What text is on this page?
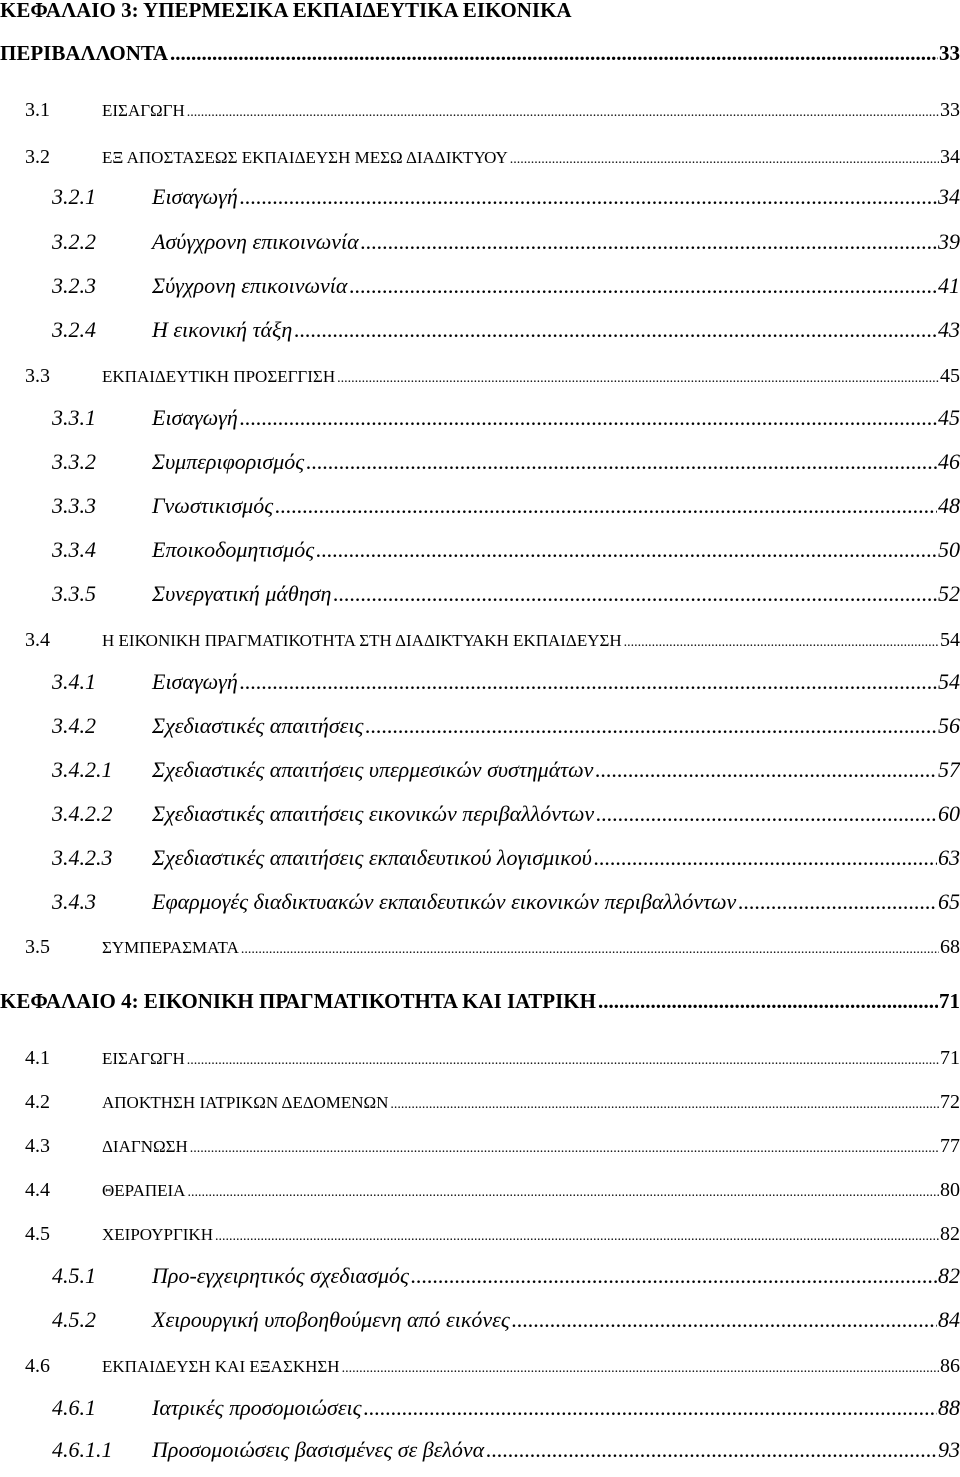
ΚΕΦΑΛΑΙΟ 3: ΥΠΕΡΜΕΣΙΚΑ ΕΚΠΑΙΔΕΥΤΙΚΑ ΕΙΚΟΝΙΚΑ
ΠΕΡΙΒΑΛΛΟΝΤΑ .....	33
3.1	ΕΙΣΑΓΩΓΗ .....	33
3.2	ΕΞ ΑΠΟΣΤΑΣΕΩΣ ΕΚΠΑΙΔΕΥΣΗ ΜΕΣΩ ΔΙΑΔΙΚΤΥΟΥ .....	34
3.2.1	Εισαγωγή .....	34
3.2.2	Ασύγχρονη επικοινωνία .....	39
3.2.3	Σύγχρονη επικοινωνία .....	41
3.2.4	Η εικονική τάξη .....	43
3.3	ΕΚΠΑΙΔΕΥΤΙΚΗ ΠΡΟΣΕΓΓΙΣΗ .....	45
3.3.1	Εισαγωγή .....	45
3.3.2	Συμπεριφορισμός .....	46
3.3.3	Γνωστικισμός .....	48
3.3.4	Εποικοδομητισμός .....	50
3.3.5	Συνεργατική μάθηση .....	52
3.4	Η ΕΙΚΟΝΙΚΗ ΠΡΑΓΜΑΤΙΚΟΤΗΤΑ ΣΤΗ ΔΙΑΔΙΚΤΥΑΚΗ ΕΚΠΑΙΔΕΥΣΗ .....	54
3.4.1	Εισαγωγή .....	54
3.4.2	Σχεδιαστικές απαιτήσεις .....	56
3.4.2.1 Σχεδιαστικές απαιτήσεις υπερμεσικών συστημάτων .....	57
3.4.2.2 Σχεδιαστικές απαιτήσεις εικονικών περιβαλλόντων .....	60
3.4.2.3 Σχεδιαστικές απαιτήσεις εκπαιδευτικού λογισμικού .....	63
3.4.3	Εφαρμογές διαδικτυακών εκπαιδευτικών εικονικών περιβαλλόντων .....	65
3.5	ΣΥΜΠΕΡΑΣΜΑΤΑ .....	68
ΚΕΦΑΛΑΙΟ 4: ΕΙΚΟΝΙΚΗ ΠΡΑΓΜΑΤΙΚΟΤΗΤΑ ΚΑΙ ΙΑΤΡΙΚΗ .....	71
4.1	ΕΙΣΑΓΩΓΗ .....	71
4.2	ΑΠΟΚΤΗΣΗ ΙΑΤΡΙΚΩΝ ΔΕΔΟΜΕΝΩΝ .....	72
4.3	ΔΙΑΓΝΩΣΗ .....	77
4.4	ΘΕΡΑΠΕΙΑ .....	80
4.5	ΧΕΙΡΟΥΡΓΙΚΗ .....	82
4.5.1	Προ-εγχειρητικός σχεδιασμός .....	82
4.5.2	Χειρουργική υποβοηθούμενη από εικόνες .....	84
4.6	ΕΚΠΑΙΔΕΥΣΗ ΚΑΙ ΕΞΑΣΚΗΣΗ .....	86
4.6.1	Ιατρικές προσομοιώσεις .....	88
4.6.1.1 Προσομοιώσεις βασισμένες σε βελόνα .....	93
